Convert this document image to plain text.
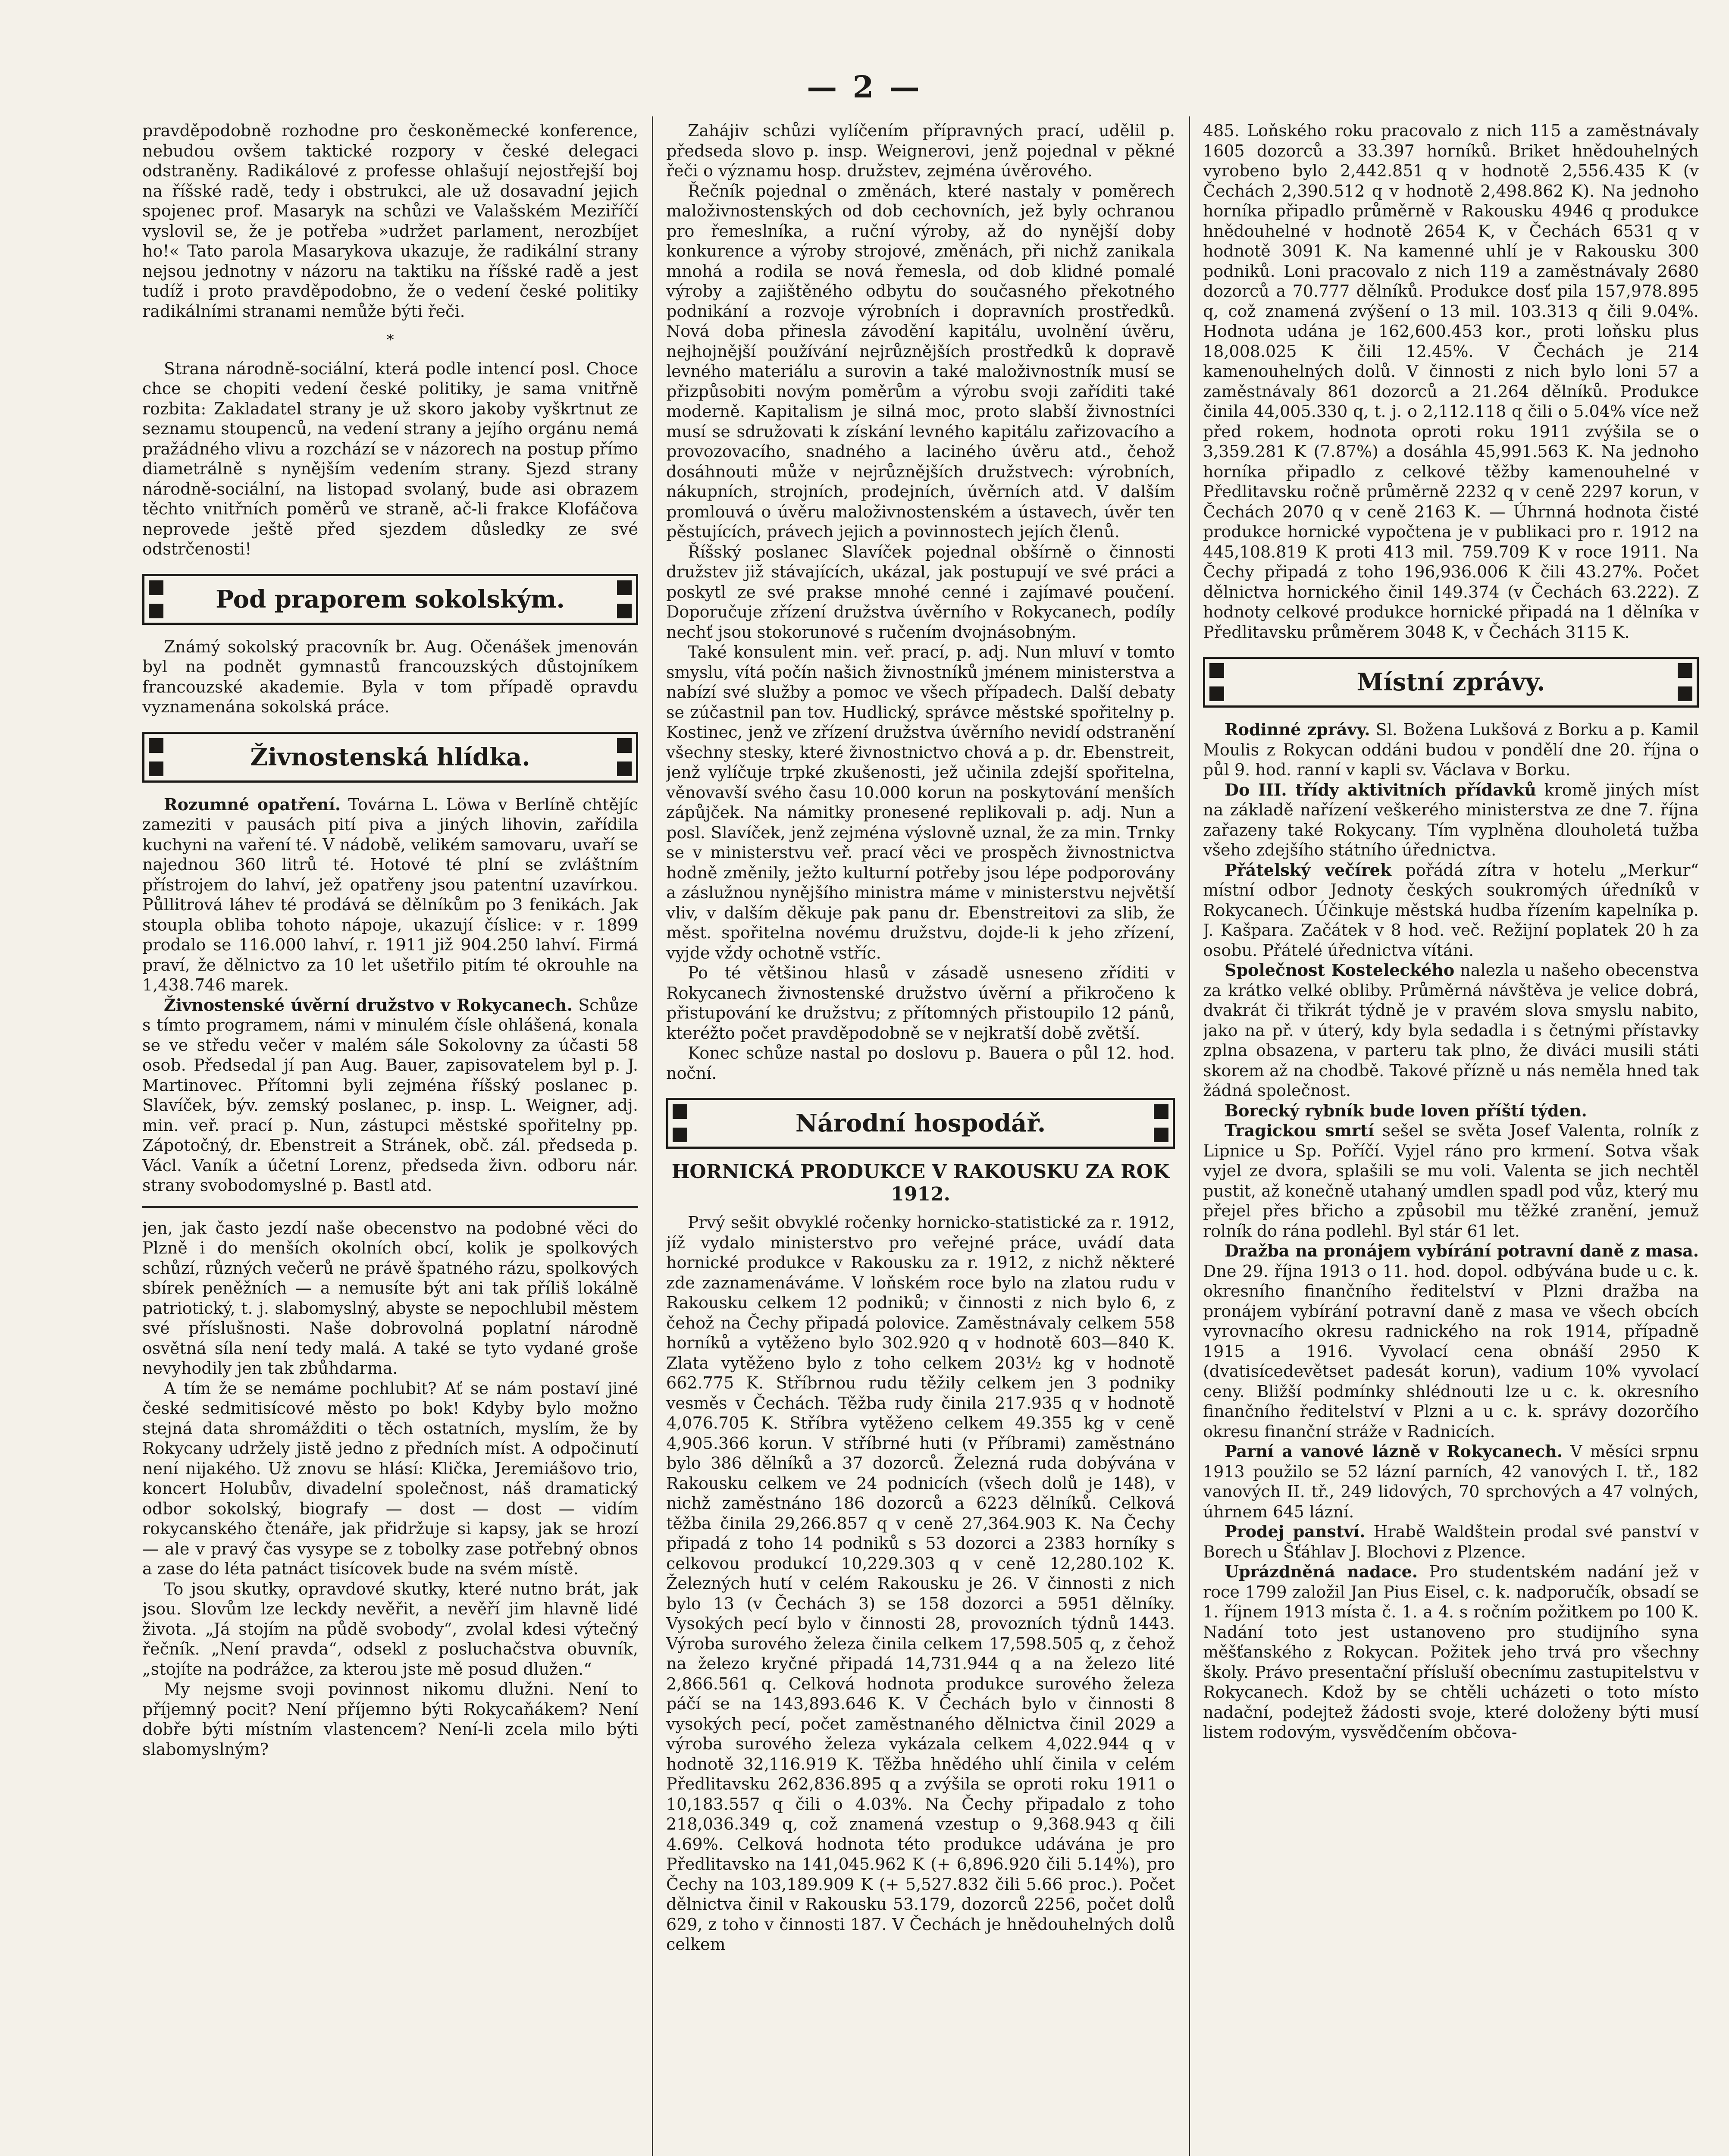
— 2 —

pravděpodobně rozhodne pro českoněmecké konference, nebudou ovšem taktické rozpory v české delegaci odstraněny. Radikálové z professe ohlašují nejostřejší boj na říšské radě, tedy i obstrukci, ale už dosavadní jejich spojenec prof. Masaryk na schůzi ve Valašském Meziříčí vyslovil se, že je potřeba »udržet parlament, nerozbíjet ho!« Tato parola Masarykova ukazuje, že radikální strany nejsou jednotny v názoru na taktiku na říšské radě a jest tudíž i proto pravděpodobno, že o vedení české politiky radikálními stranami nemůže býti řeči.

*

Strana národně-sociální, která podle intencí posl. Choce chce se chopiti vedení české politiky, je sama vnitřně rozbita: Zakladatel strany je už skoro jakoby vyškrtnut ze seznamu stoupenců, na vedení strany a jejího orgánu nemá pražádného vlivu a rozchází se v názorech na postup přímo diametrálně s nynějším vedením strany. Sjezd strany národně-sociální, na listopad svolaný, bude asi obrazem těchto vnitřních poměrů ve straně, ač-li frakce Klofáčova neprovede ještě před sjezdem důsledky ze své odstrčenosti!

Pod praporem sokolským.

Známý sokolský pracovník br. Aug. Očenášek jmenován byl na podnět gymnastů francouzských důstojníkem francouzské akademie. Byla v tom případě opravdu vyznamenána sokolská práce.

Živnostenská hlídka.

Rozumné opatření. Továrna L. Löwa v Berlíně chtějíc zameziti v pausách pití piva a jiných lihovin, zařídila kuchyni na vaření té. V nádobě, velikém samovaru, uvaří se najednou 360 litrů té. Hotové té plní se zvláštním přístrojem do lahví, jež opatřeny jsou patentní uzavírkou. Půllitrová láhev té prodává se dělníkům po 3 fenikách. Jak stoupla obliba tohoto nápoje, ukazují číslice: v r. 1899 prodalo se 116.000 lahví, r. 1911 již 904.250 lahví. Firmá praví, že dělnictvo za 10 let ušetřilo pitím té okrouhle na 1,438.746 marek.

Živnostenské úvěrní družstvo v Rokycanech. Schůze s tímto programem, námi v minulém čísle ohlášená, konala se ve středu večer v malém sále Sokolovny za účasti 58 osob. Předsedal jí pan Aug. Bauer, zapisovatelem byl p. J. Martinovec. Přítomni byli zejména říšský poslanec p. Slavíček, býv. zemský poslanec, p. insp. L. Weigner, adj. min. veř. prací p. Nun, zástupci městské spořitelny pp. Zápotočný, dr. Ebenstreit a Stránek, obč. zál. předseda p. Václ. Vaník a účetní Lorenz, předseda živn. odboru nár. strany svobodomyslné p. Bastl atd.

jen, jak často jezdí naše obecenstvo na podobné věci do Plzně i do menších okolních obcí, kolik je spolkových schůzí, různých večerů ne právě špatného rázu, spolkových sbírek peněžních — a nemusíte být ani tak příliš lokálně patriotický, t. j. slabomyslný, abyste se nepochlubil městem své příslušnosti. Naše dobrovolná poplatní národně osvětná síla není tedy malá. A také se tyto vydané groše nevyhodily jen tak zbůhdarma.

A tím že se nemáme pochlubit? Ať se nám postaví jiné české sedmitisícové město po bok! Kdyby bylo možno stejná data shromážditi o těch ostatních, myslím, že by Rokycany udržely jistě jedno z předních míst. A odpočinutí není nijakého. Už znovu se hlásí: Klička, Jeremiášovo trio, koncert Holubův, divadelní společnost, náš dramatický odbor sokolský, biografy — dost — dost — vidím rokycanského čtenáře, jak přidržuje si kapsy, jak se hrozí — ale v pravý čas vysype se z tobolky zase potřebný obnos a zase do léta patnáct tisícovek bude na svém místě.

To jsou skutky, opravdové skutky, které nutno brát, jak jsou. Slovům lze leckdy nevěřit, a nevěří jim hlavně lidé života. „Já stojím na půdě svobody“, zvolal kdesi výtečný řečník. „Není pravda“, odsekl z posluchačstva obuvník, „stojíte na podrážce, za kterou jste mě posud dlužen.“

My nejsme svoji povinnost nikomu dlužni. Není to příjemný pocit? Není příjemno býti Rokycaňákem? Není dobře býti místním vlastencem? Není-li zcela milo býti slabomyslným?

Zahájiv schůzi vylíčením přípravných prací, udělil p. předseda slovo p. insp. Weignerovi, jenž pojednal v pěkné řeči o významu hosp. družstev, zejména úvěrového.

Řečník pojednal o změnách, které nastaly v poměrech maloživnostenských od dob cechovních, jež byly ochranou pro řemeslníka, a ruční výroby, až do nynější doby konkurence a výroby strojové, změnách, při nichž zanikala mnohá a rodila se nová řemesla, od dob klidné pomalé výroby a zajištěného odbytu do současného překotného podnikání a rozvoje výrobních i dopravních prostředků. Nová doba přinesla závodění kapitálu, uvolnění úvěru, nejhojnější používání nejrůznějších prostředků k dopravě levného materiálu a surovin a také maloživnostník musí se přizpůsobiti novým poměrům a výrobu svoji zaříditi také moderně. Kapitalism je silná moc, proto slabší živnostníci musí se sdružovati k získání levného kapitálu zařizovacího a provozovacího, snadného a laciného úvěru atd., čehož dosáhnouti může v nejrůznějších družstvech: výrobních, nákupních, strojních, prodejních, úvěrních atd. V dalším promlouvá o úvěru maloživnostenském a ústavech, úvěr ten pěstujících, právech jejich a povinnostech jejích členů.

Říšský poslanec Slavíček pojednal obšírně o činnosti družstev již stávajících, ukázal, jak postupují ve své práci a poskytl ze své prakse mnohé cenné i zajímavé poučení. Doporučuje zřízení družstva úvěrního v Rokycanech, podíly nechť jsou stokorunové s ručením dvojnásobným.

Také konsulent min. veř. prací, p. adj. Nun mluví v tomto smyslu, vítá počín našich živnostníků jménem ministerstva a nabízí své služby a pomoc ve všech případech. Další debaty se zúčastnil pan tov. Hudlický, správce městské spořitelny p. Kostinec, jenž ve zřízení družstva úvěrního nevidí odstranění všechny stesky, které živnostnictvo chová a p. dr. Ebenstreit, jenž vylíčuje trpké zkušenosti, jež učinila zdejší spořitelna, věnovavší svého času 10.000 korun na poskytování menších zápůjček. Na námitky pronesené replikovali p. adj. Nun a posl. Slavíček, jenž zejména výslovně uznal, že za min. Trnky se v ministerstvu veř. prací věci ve prospěch živnostnictva hodně změnily, ježto kulturní potřeby jsou lépe podporovány a záslužnou nynějšího ministra máme v ministerstvu největší vliv, v dalším děkuje pak panu dr. Ebenstreitovi za slib, že měst. spořitelna novému družstvu, dojde-li k jeho zřízení, vyjde vždy ochotně vstříc.

Po té většinou hlasů v zásadě usneseno zříditi v Rokycanech živnostenské družstvo úvěrní a přikročeno k přistupování ke družstvu; z přítomných přistoupilo 12 pánů, kteréžto počet pravděpodobně se v nejkratší době zvětší.

Konec schůze nastal po doslovu p. Bauera o půl 12. hod. noční.

Národní hospodář.
HORNICKÁ PRODUKCE V RAKOUSKU ZA ROK 1912.

Prvý sešit obvyklé ročenky hornicko-statistické za r. 1912, jíž vydalo ministerstvo pro veřejné práce, uvádí data hornické produkce v Rakousku za r. 1912, z nichž některé zde zaznamenáváme. V loňském roce bylo na zlatou rudu v Rakousku celkem 12 podniků; v činnosti z nich bylo 6, z čehož na Čechy připadá polovice. Zaměstnávaly celkem 558 horníků a vytěženo bylo 302.920 q v hodnotě 603—840 K. Zlata vytěženo bylo z toho celkem 203½ kg v hodnotě 662.775 K. Stříbrnou rudu těžily celkem jen 3 podniky vesměs v Čechách. Těžba rudy činila 217.935 q v hodnotě 4,076.705 K. Stříbra vytěženo celkem 49.355 kg v ceně 4,905.366 korun. V stříbrné huti (v Příbrami) zaměstnáno bylo 386 dělníků a 37 dozorců. Železná ruda dobývána v Rakousku celkem ve 24 podnicích (všech dolů je 148), v nichž zaměstnáno 186 dozorců a 6223 dělníků. Celková těžba činila 29,266.857 q v ceně 27,364.903 K. Na Čechy připadá z toho 14 podniků s 53 dozorci a 2383 horníky s celkovou produkcí 10,229.303 q v ceně 12,280.102 K. Železných hutí v celém Rakousku je 26. V činnosti z nich bylo 13 (v Čechách 3) se 158 dozorci a 5951 dělníky. Vysokých pecí bylo v činnosti 28, provozních týdnů 1443. Výroba surového železa činila celkem 17,598.505 q, z čehož na železo kryčné připadá 14,731.944 q a na železo lité 2,866.561 q. Celková hodnota produkce surového železa páčí se na 143,893.646 K. V Čechách bylo v činnosti 8 vysokých pecí, počet zaměstnaného dělnictva činil 2029 a výroba surového železa vykázala celkem 4,022.944 q v hodnotě 32,116.919 K. Těžba hnědého uhlí činila v celém Předlitavsku 262,836.895 q a zvýšila se oproti roku 1911 o 10,183.557 q čili o 4.03%. Na Čechy připadalo z toho 218,036.349 q, což znamená vzestup o 9,368.943 q čili 4.69%. Celková hodnota této produkce udávána je pro Předlitavsko na 141,045.962 K (+ 6,896.920 čili 5.14%), pro Čechy na 103,189.909 K (+ 5,527.832 čili 5.66 proc.). Počet dělnictva činil v Rakousku 53.179, dozorců 2256, počet dolů 629, z toho v činnosti 187. V Čechách je hnědouhelných dolů celkem

485. Loňského roku pracovalo z nich 115 a zaměstnávaly 1605 dozorců a 33.397 horníků. Briket hnědouhelných vyrobeno bylo 2,442.851 q v hodnotě 2,556.435 K (v Čechách 2,390.512 q v hodnotě 2,498.862 K). Na jednoho horníka připadlo průměrně v Rakousku 4946 q produkce hnědouhelné v hodnotě 2654 K, v Čechách 6531 q v hodnotě 3091 K. Na kamenné uhlí je v Rakousku 300 podniků. Loni pracovalo z nich 119 a zaměstnávaly 2680 dozorců a 70.777 dělníků. Produkce dosť pila 157,978.895 q, což znamená zvýšení o 13 mil. 103.313 q čili 9.04%. Hodnota udána je 162,600.453 kor., proti loňsku plus 18,008.025 K čili 12.45%. V Čechách je 214 kamenouhelných dolů. V činnosti z nich bylo loni 57 a zaměstnávaly 861 dozorců a 21.264 dělníků. Produkce činila 44,005.330 q, t. j. o 2,112.118 q čili o 5.04% více než před rokem, hodnota oproti roku 1911 zvýšila se o 3,359.281 K (7.87%) a dosáhla 45,991.563 K. Na jednoho horníka připadlo z celkové těžby kamenouhelné v Předlitavsku ročně průměrně 2232 q v ceně 2297 korun, v Čechách 2070 q v ceně 2163 K. — Úhrnná hodnota čisté produkce hornické vypočtena je v publikaci pro r. 1912 na 445,108.819 K proti 413 mil. 759.709 K v roce 1911. Na Čechy připadá z toho 196,936.006 K čili 43.27%. Počet dělnictva hornického činil 149.374 (v Čechách 63.222). Z hodnoty celkové produkce hornické připadá na 1 dělníka v Předlitavsku průměrem 3048 K, v Čechách 3115 K.

Místní zprávy.

Rodinné zprávy. Sl. Božena Lukšová z Borku a p. Kamil Moulis z Rokycan oddáni budou v pondělí dne 20. října o půl 9. hod. ranní v kapli sv. Václava v Borku.

Do III. třídy aktivitních přídavků kromě jiných míst na základě nařízení veškerého ministerstva ze dne 7. října zařazeny také Rokycany. Tím vyplněna dlouholetá tužba všeho zdejšího státního úřednictva.

Přátelský večírek pořádá zítra v hotelu „Merkur“ místní odbor Jednoty českých soukromých úředníků v Rokycanech. Účinkuje městská hudba řízením kapelníka p. J. Kašpara. Začátek v 8 hod. več. Režijní poplatek 20 h za osobu. Přátelé úřednictva vítáni.

Společnost Kosteleckého nalezla u našeho obecenstva za krátko velké obliby. Průměrná návštěva je velice dobrá, dvakrát či třikrát týdně je v pravém slova smyslu nabito, jako na př. v úterý, kdy byla sedadla i s četnými přístavky zplna obsazena, v parteru tak plno, že diváci musili státi skorem až na chodbě. Takové přízně u nás neměla hned tak žádná společnost.

Borecký rybník bude loven příští týden.

Tragickou smrtí sešel se světa Josef Valenta, rolník z Lipnice u Sp. Poříčí. Vyjel ráno pro krmení. Sotva však vyjel ze dvora, splašili se mu voli. Valenta se jich nechtěl pustit, až konečně utahaný umdlen spadl pod vůz, který mu přejel přes břicho a způsobil mu těžké zranění, jemuž rolník do rána podlehl. Byl stár 61 let.

Dražba na pronájem vybírání potravní daně z masa. Dne 29. října 1913 o 11. hod. dopol. odbývána bude u c. k. okresního finančního ředitelství v Plzni dražba na pronájem vybírání potravní daně z masa ve všech obcích vyrovnacího okresu radnického na rok 1914, případně 1915 a 1916. Vyvolací cena obnáší 2950 K (dvatisícedevětset padesát korun), vadium 10% vyvolací ceny. Bližší podmínky shlédnouti lze u c. k. okresního finančního ředitelství v Plzni a u c. k. správy dozorčího okresu finanční stráže v Radnicích.

Parní a vanové lázně v Rokycanech. V měsíci srpnu 1913 použilo se 52 lázní parních, 42 vanových I. tř., 182 vanových II. tř., 249 lidových, 70 sprchových a 47 volných, úhrnem 645 lázní.

Prodej panství. Hrabě Waldštein prodal své panství v Borech u Šťáhlav J. Blochovi z Plzence.

Uprázdněná nadace. Pro studentském nadání jež v roce 1799 založil Jan Pius Eisel, c. k. nadporučík, obsadí se 1. říjnem 1913 místa č. 1. a 4. s ročním požitkem po 100 K. Nadání toto jest ustanoveno pro studijního syna měšťanského z Rokycan. Požitek jeho trvá pro všechny školy. Právo presentační přísluší obecnímu zastupitelstvu v Rokycanech. Kdož by se chtěli ucházeti o toto místo nadační, podejtež žádosti svoje, které doloženy býti musí listem rodovým, vysvědčením občova-
